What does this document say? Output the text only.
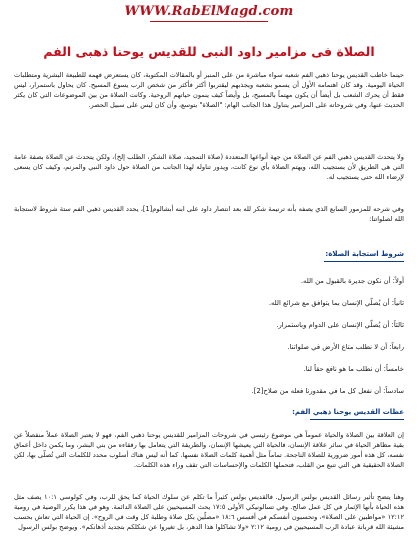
WWW.RabElMagd.com
الصلاة فى مزامير داود النبى للقديس يوحنا ذهبى الفم

حينما خاطب القديس يوحنا ذهبي الفم شعبه سواء مباشرة من على المنبر أو بالمقالات المكتوبة، كان يستعرض فهمه للطبيعة البشرية ومتطلبات الحياة اليومية. وقد كان اهتمامه الأول أن يسمو بشعبه ويجذبهم ليقتربوا أكثر فأكثر من شخص الرب يسوع المسيح. كان يحاول باستمرار، ليس فقط أن يحرك الشعب بل أيضاً أن يكون مهتماً بالمسيح، بل وأيضاً كيف ينمون حياتهم الروحية. وكانت الصلاة من بين الموضوعات التي كان يكثر الحديث عنها، وفي شروحاته على المزامير يتناول هذا الجانب الهام: "الصلاة" بتوسع، وأن كان ليس على سبيل الحصر.

ولا يتحدث القديس ذهبي الفم عن الصلاة من جهة أنواعها المتعددة (صلاة التمجيد، صلاة الشكر، الطلب إلخ)، ولكن يتحدث عن الصلاة بصفة عامة التي هي الطريق لأن يستجيب الله، ويهتم الصلاة بأي نوع كانت، ويدور تناوله لهذا الجانب من الصلاة حول داود النبي والمرنم، وكيف كان يسعى لإرضاء الله حتى يستجيب له.

وفي شرحه للمزمور السابع الذي يصفه بأنه ترنيمة شكر لله بعد انتصار داود على ابنه أبشالوم[1]، يحدد القديس ذهبي الفم ستة شروط لاستجابة الله لصلواتنا:

شروط استجابة الصلاة:
أولاً: أن نكون جديرة بالقبول من الله.
ثانياً: أن يُصلّي الإنسان بما يتوافق مع شرائع الله.
ثالثاً: أن يُصلّي الإنسان على الدوام وباستمرار.
رابعاً: أن لا نطلب متاع الأرض في صلواتنا.
خامساً: أن نطلب ما هو نافع حقاً لنا.
سادساً: أن نفعل كل ما في مقدورنا فعله من صلاح[2].
عظات القديس يوحنا ذهبي الفم:

إن العلاقة بين الصلاة والحياة عموماً هي موضوع رئيسي في شروحات المزامير للقديس يوحنا ذهبي الفم، فهو لا يعتبر الصلاة عملاً منفصلاً عن بقية مظاهر الحياة في سائر علاقة الإنسان، فالحياة التي يعيشها الإنسان، والطريقة التي يتعامل بها رفقاءه من بني البشر، وما يكمن داخل أعماق نفسه، كل هذه أمور ضرورية للصلاة الناجحة. تماماً مثل أهمية كلمات الصلاة نفسها. كما أنه ليس هناك أسلوب محدد للكلمات التي تُصلّى بها، لكن الصلاة الحقيقية هي التي تنبع من القلب، فتحملها الكلمات والإحساسات التي تقف وراء هذه الكلمات.

وهنا يتضح تأثير رسائل القديس بولس الرسول. فالقديس بولس كثيراً ما تكلم عن سلوك الحياة كما يحق للرب، وفي كولوسي ١٠:١ يصف مثل هذه الحياة بأنها الإثمار في كل عمل صالح. وفي تسالونيكي الأولى ١٧:٥ يحث المسيحيين على الصلاة الدائمة. وهو في هذا يكرر الوصية في رومية ١٢:١٢ «مواظبين على الصلاة»، وتحسبون أنفسكم في أفسس ١٨:٦ «مصلّين بكل صلاة وطلبة كل وقت في الروح». إن الحياة التي تعاش بحسب مشيئة الله قربانة عبادة الرب المسيحيين في رومية ٢:١٢ «ولا تشاكلوا هذا الدهر، بل تغيروا عن شكلكم بتجديد أذهانكم». ويوضح بولس الرسول
